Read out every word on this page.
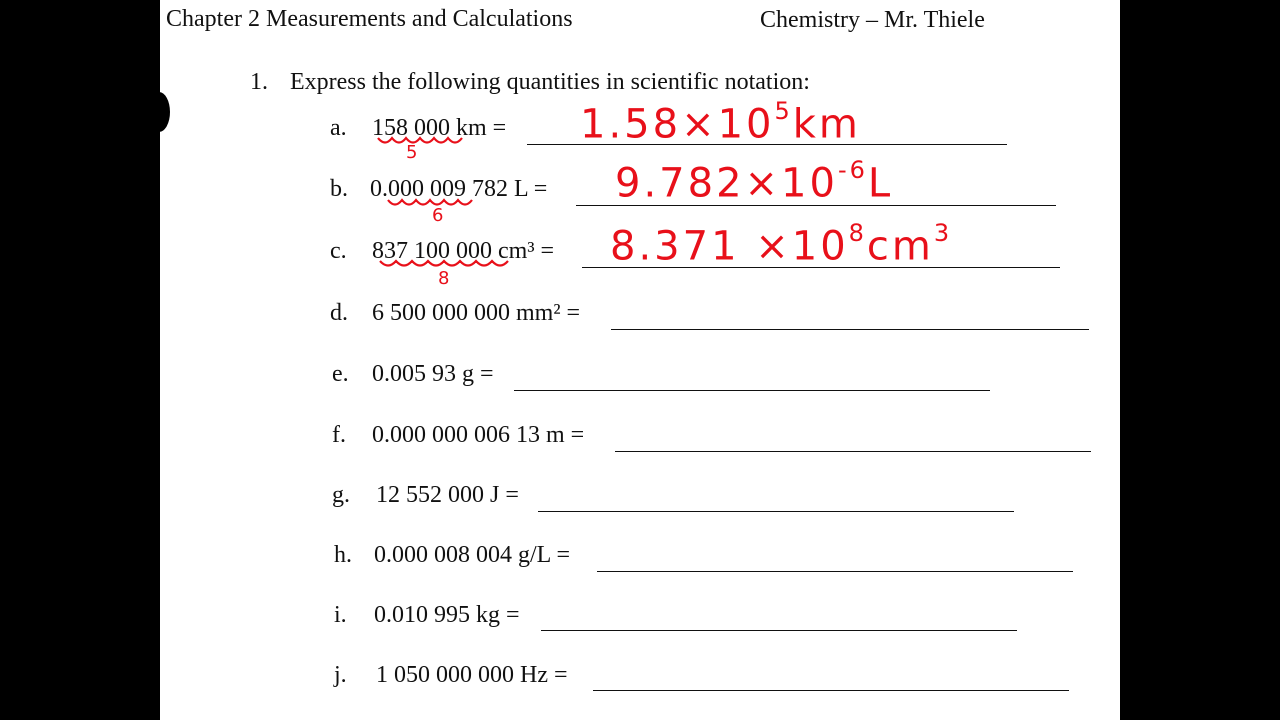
Chapter 2 Measurements and Calculations	Chemistry – Mr. Thiele
1. Express the following quantities in scientific notation:
a. 158 000 km = $1.58\times 10^5km$
5
b. 0.000 009 782 $L = 9.782\times 10^{-6}L$
6
c. 837 100 000 $cm^3 = 8.371 \times 10^8cm^3$
8
d. 6 500 000 000 mm² =
e. 0.005 93 g =
f. 0.000 000 006 13 m =
g. 12 552 000 J =
h. 0.000 008 004 g/L =
i. 0.010 995 kg =
j. 1 050 000 000 Hz =
